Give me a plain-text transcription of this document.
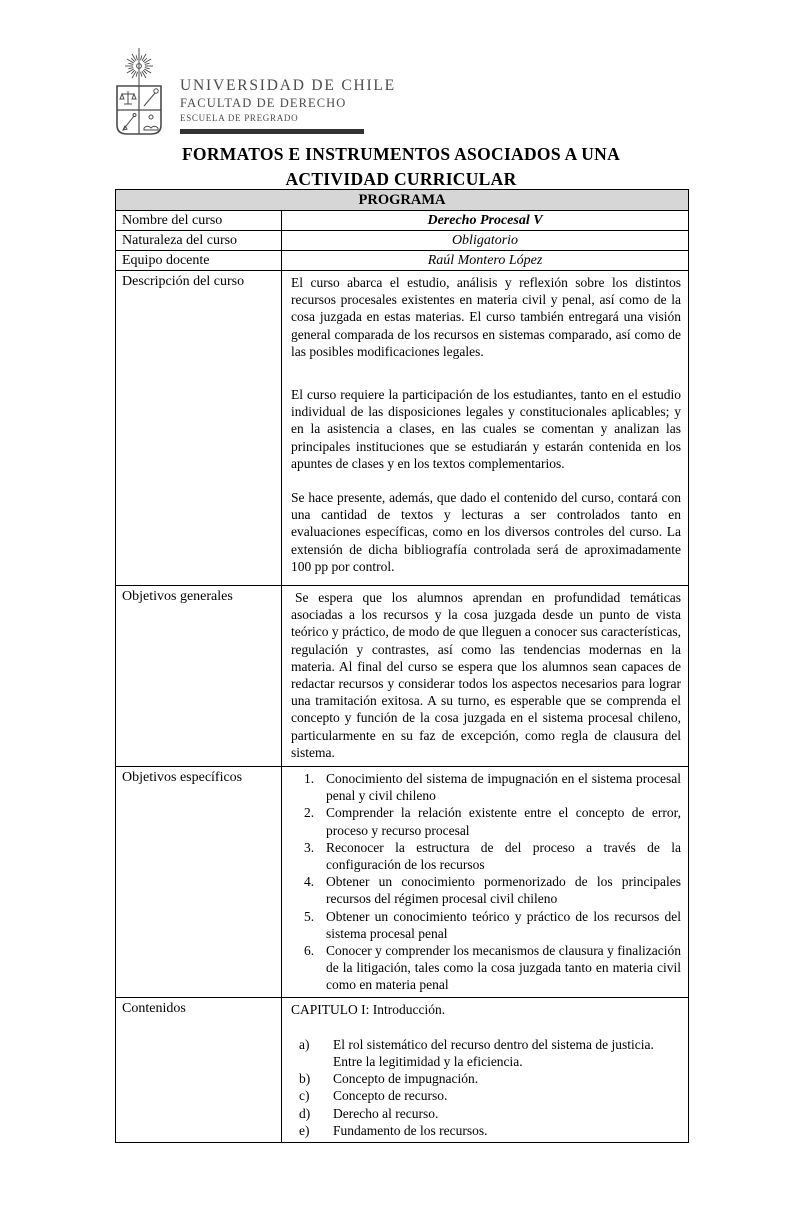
UNIVERSIDAD DE CHILE
FACULTAD DE DERECHO
ESCUELA DE PREGRADO
FORMATOS E INSTRUMENTOS ASOCIADOS A UNA
ACTIVIDAD CURRICULAR
PROGRAMA	
Nombre del curso	Derecho Procesal V
Naturaleza del curso	Obligatorio
Equipo docente	Raúl Montero López
Descripción del curso	El curso abarca el estudio, análisis y reflexión sobre los distintos recursos procesales existentes en materia civil y penal, así como de la cosa juzgada en estas materias. El curso también entregará una visión general comparada de los recursos en sistemas comparado, así como de las posibles modificaciones legales.

El curso requiere la participación de los estudiantes, tanto en el estudio individual de las disposiciones legales y constitucionales aplicables; y en la asistencia a clases, en las cuales se comentan y analizan las principales instituciones que se estudiarán y estarán contenida en los apuntes de clases y en los textos complementarios.

Se hace presente, además, que dado el contenido del curso, contará con una cantidad de textos y lecturas a ser controlados tanto en evaluaciones específicas, como en los diversos controles del curso. La extensión de dicha bibliografía controlada será de aproximadamente 100 pp por control.

Objetivos generales	Se espera que los alumnos aprendan en profundidad temáticas asociadas a los recursos y la cosa juzgada desde un punto de vista teórico y práctico, de modo de que lleguen a conocer sus características, regulación y contrastes, así como las tendencias modernas en la materia. Al final del curso se espera que los alumnos sean capaces de redactar recursos y considerar todos los aspectos necesarios para lograr una tramitación exitosa. A su turno, es esperable que se comprenda el concepto y función de la cosa juzgada en el sistema procesal chileno, particularmente en su faz de excepción, como regla de clausura del sistema.

Objetivos específicos	1. Conocimiento del sistema de impugnación en el sistema procesal penal y civil chileno
2. Comprender la relación existente entre el concepto de error, proceso y recurso procesal
3. Reconocer la estructura de del proceso a través de la configuración de los recursos
4. Obtener un conocimiento pormenorizado de los principales recursos del régimen procesal civil chileno
5. Obtener un conocimiento teórico y práctico de los recursos del sistema procesal penal
6. Conocer y comprender los mecanismos de clausura y finalización de la litigación, tales como la cosa juzgada tanto en materia civil como en materia penal

Contenidos	CAPITULO I: Introducción.
a)	El rol sistemático del recurso dentro del sistema de justicia. Entre la legitimidad y la eficiencia.
b)	Concepto de impugnación.
c)	Concepto de recurso.
d)	Derecho al recurso.
e)	Fundamento de los recursos.
